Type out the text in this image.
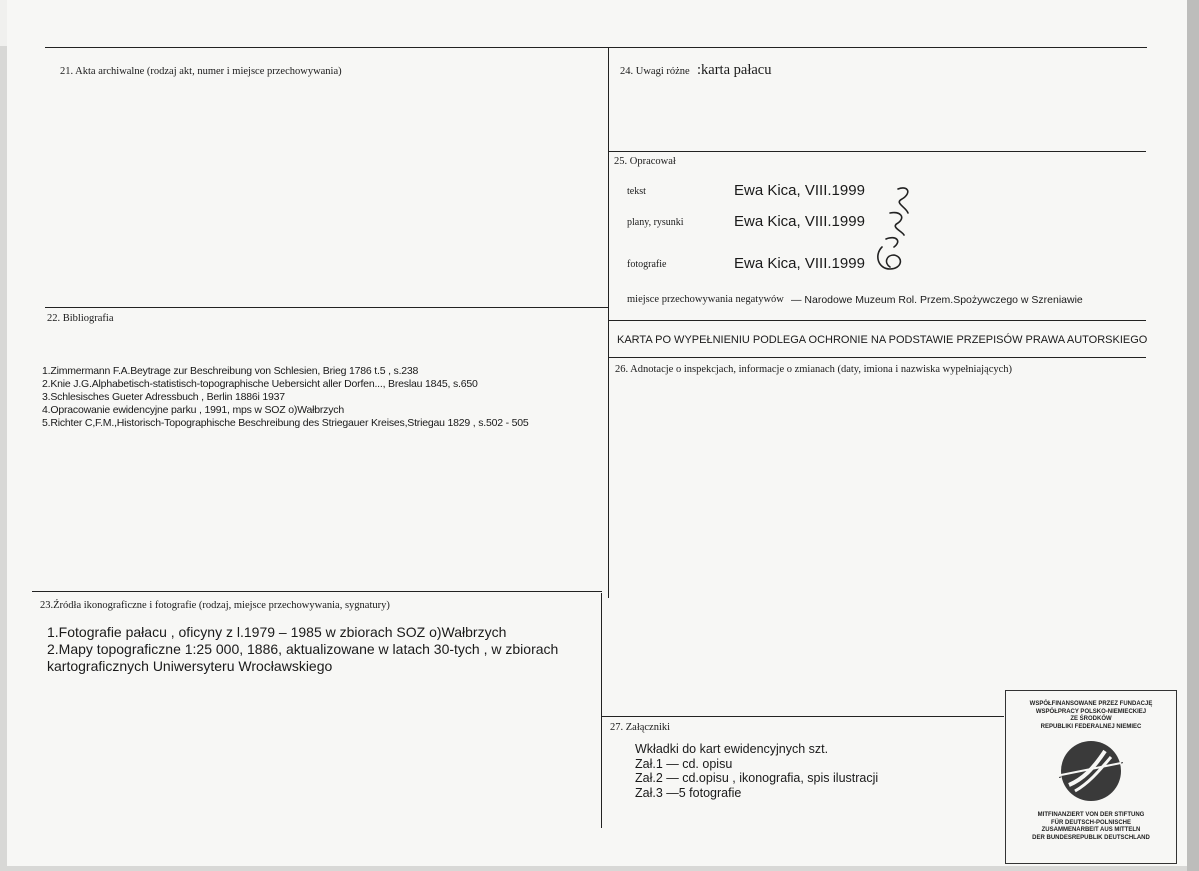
21. Akta archiwalne (rodzaj akt, numer i miejsce przechowywania)
22. Bibliografia
1.Zimmermann F.A.Beytrage zur Beschreibung von Schlesien, Brieg 1786 t.5 , s.238
2.Knie J.G.Alphabetisch-statistisch-topographische Uebersicht aller Dorfen..., Breslau 1845, s.650
3.Schlesisches Gueter Adressbuch , Berlin 1886i 1937
4.Opracowanie ewidencyjne parku , 1991, mps w SOZ o)Wałbrzych
5.Richter C,F.M.,Historisch-Topographische Beschreibung des Striegauer Kreises,Striegau 1829 , s.502 - 505
23.Źródła ikonograficzne i fotografie (rodzaj, miejsce przechowywania, sygnatury)
1.Fotografie pałacu , oficyny z l.1979 – 1985 w zbiorach SOZ o)Wałbrzych
2.Mapy topograficzne 1:25 000, 1886, aktualizowane w latach 30-tych , w zbiorach
kartograficznych Uniwersyteru Wrocławskiego
24. Uwagi różne :karta pałacu
25. Opracował
tekst	Ewa Kica, VIII.1999
plany, rysunki	Ewa Kica, VIII.1999
fotografie	Ewa Kica, VIII.1999
miejsce przechowywania negatywów — Narodowe Muzeum Rol. Przem.Spożywczego w Szreniawie
KARTA PO WYPEŁNIENIU PODLEGA OCHRONIE NA PODSTAWIE PRZEPISÓW PRAWA AUTORSKIEGO
26. Adnotacje o inspekcjach, informacje o zmianach (daty, imiona i nazwiska wypełniających)
27. Załączniki
Wkładki do kart ewidencyjnych szt.
Zał.1 — cd. opisu
Zał.2 — cd.opisu , ikonografia, spis ilustracji
Zał.3 —5 fotografie
WSPÓŁFINANSOWANE PRZEZ FUNDACJĘ
WSPÓŁPRACY POLSKO-NIEMIECKIEJ
ZE ŚRODKÓW
REPUBLIKI FEDERALNEJ NIEMIEC
MITFINANZIERT VON DER STIFTUNG
FÜR DEUTSCH-POLNISCHE
ZUSAMMENARBEIT AUS MITTELN
DER BUNDESREPUBLIK DEUTSCHLAND
